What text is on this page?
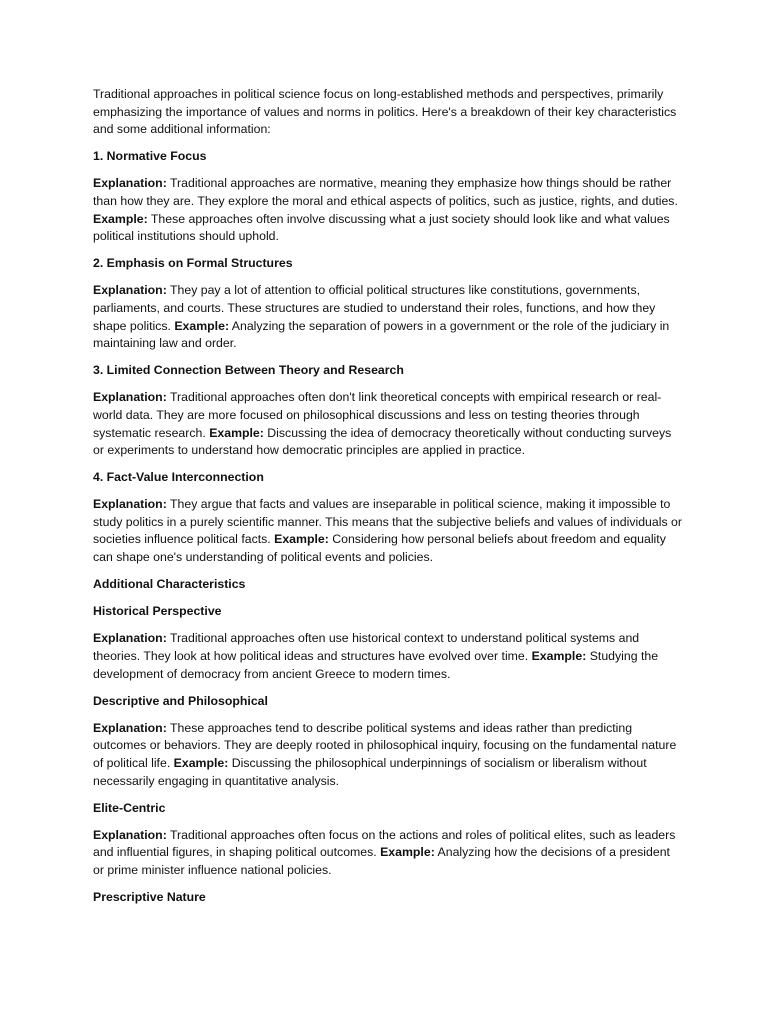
Traditional approaches in political science focus on long-established methods and perspectives, primarily emphasizing the importance of values and norms in politics. Here's a breakdown of their key characteristics and some additional information:

1. Normative Focus

Explanation: Traditional approaches are normative, meaning they emphasize how things should be rather than how they are. They explore the moral and ethical aspects of politics, such as justice, rights, and duties. Example: These approaches often involve discussing what a just society should look like and what values political institutions should uphold.

2. Emphasis on Formal Structures

Explanation: They pay a lot of attention to official political structures like constitutions, governments, parliaments, and courts. These structures are studied to understand their roles, functions, and how they shape politics. Example: Analyzing the separation of powers in a government or the role of the judiciary in maintaining law and order.

3. Limited Connection Between Theory and Research

Explanation: Traditional approaches often don't link theoretical concepts with empirical research or real-world data. They are more focused on philosophical discussions and less on testing theories through systematic research. Example: Discussing the idea of democracy theoretically without conducting surveys or experiments to understand how democratic principles are applied in practice.

4. Fact-Value Interconnection

Explanation: They argue that facts and values are inseparable in political science, making it impossible to study politics in a purely scientific manner. This means that the subjective beliefs and values of individuals or societies influence political facts. Example: Considering how personal beliefs about freedom and equality can shape one's understanding of political events and policies.

Additional Characteristics

Historical Perspective

Explanation: Traditional approaches often use historical context to understand political systems and theories. They look at how political ideas and structures have evolved over time. Example: Studying the development of democracy from ancient Greece to modern times.

Descriptive and Philosophical

Explanation: These approaches tend to describe political systems and ideas rather than predicting outcomes or behaviors. They are deeply rooted in philosophical inquiry, focusing on the fundamental nature of political life. Example: Discussing the philosophical underpinnings of socialism or liberalism without necessarily engaging in quantitative analysis.

Elite-Centric

Explanation: Traditional approaches often focus on the actions and roles of political elites, such as leaders and influential figures, in shaping political outcomes. Example: Analyzing how the decisions of a president or prime minister influence national policies.

Prescriptive Nature
